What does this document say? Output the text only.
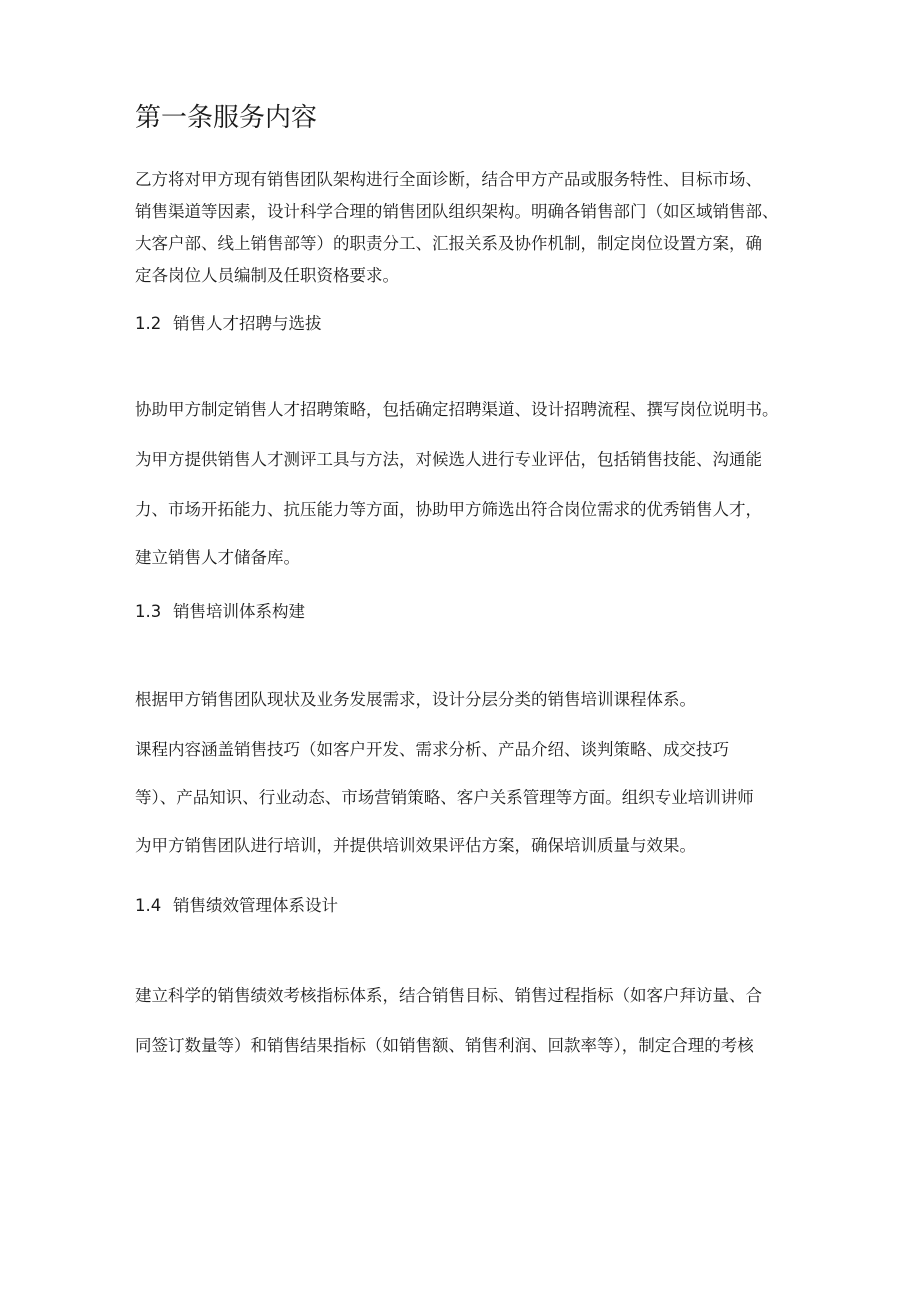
第一条服务内容

乙方将对甲方现有销售团队架构进行全面诊断，结合甲方产品或服务特性、目标市场、

销售渠道等因素，设计科学合理的销售团队组织架构。明确各销售部门（如区域销售部、

大客户部、线上销售部等）的职责分工、汇报关系及协作机制，制定岗位设置方案，确

定各岗位人员编制及任职资格要求。

1.2 销售人才招聘与选拔

协助甲方制定销售人才招聘策略，包括确定招聘渠道、设计招聘流程、撰写岗位说明书。

为甲方提供销售人才测评工具与方法，对候选人进行专业评估，包括销售技能、沟通能

力、市场开拓能力、抗压能力等方面，协助甲方筛选出符合岗位需求的优秀销售人才，

建立销售人才储备库。

1.3 销售培训体系构建

根据甲方销售团队现状及业务发展需求，设计分层分类的销售培训课程体系。

课程内容涵盖销售技巧（如客户开发、需求分析、产品介绍、谈判策略、成交技巧

等）、产品知识、行业动态、市场营销策略、客户关系管理等方面。组织专业培训讲师

为甲方销售团队进行培训，并提供培训效果评估方案，确保培训质量与效果。

1.4 销售绩效管理体系设计

建立科学的销售绩效考核指标体系，结合销售目标、销售过程指标（如客户拜访量、合

同签订数量等）和销售结果指标（如销售额、销售利润、回款率等），制定合理的考核
